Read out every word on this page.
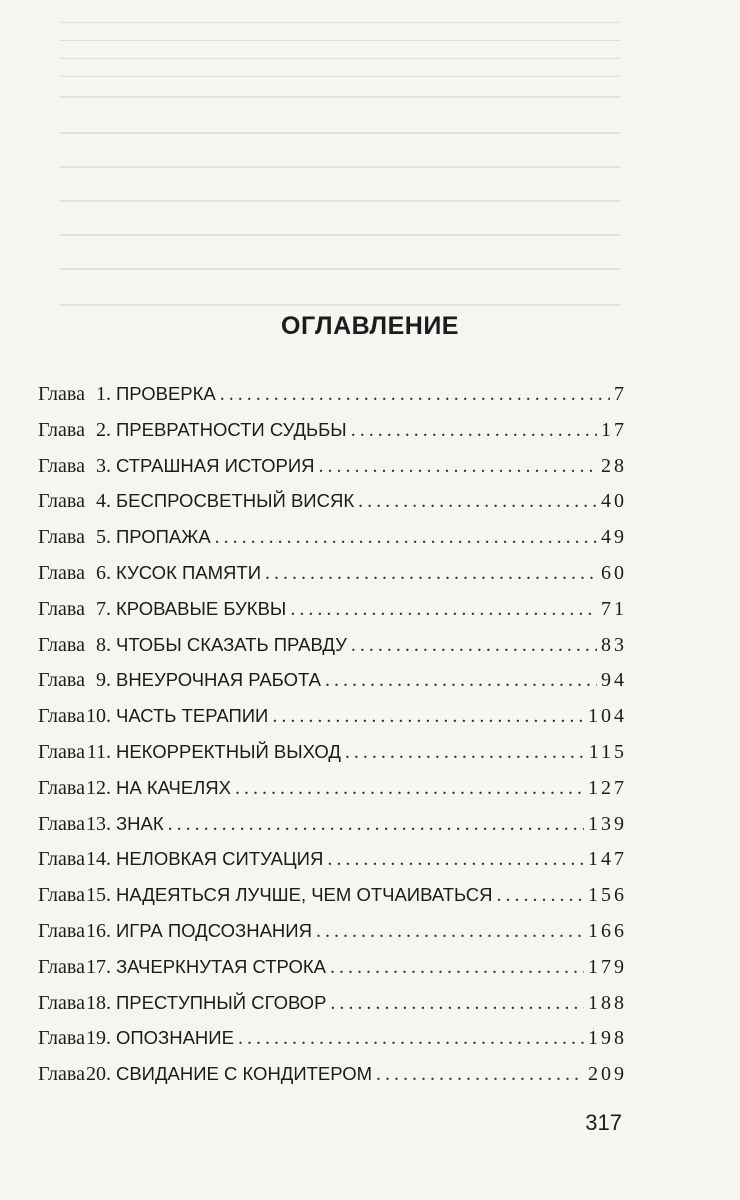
ОГЛАВЛЕНИЕ
Глава 1. ПРОВЕРКА .....	7
Глава 2. ПРЕВРАТНОСТИ СУДЬБЫ .....	17
Глава 3. СТРАШНАЯ ИСТОРИЯ .....	28
Глава 4. БЕСПРОСВЕТНЫЙ ВИСЯК .....	40
Глава 5. ПРОПАЖА .....	49
Глава 6. КУСОК ПАМЯТИ .....	60
Глава 7. КРОВАВЫЕ БУКВЫ .....	71
Глава 8. ЧТОБЫ СКАЗАТЬ ПРАВДУ .....	83
Глава 9. ВНЕУРОЧНАЯ РАБОТА .....	94
Глава 10. ЧАСТЬ ТЕРАПИИ .....	104
Глава 11. НЕКОРРЕКТНЫЙ ВЫХОД .....	115
Глава 12. НА КАЧЕЛЯХ .....	127
Глава 13. ЗНАК .....	139
Глава 14. НЕЛОВКАЯ СИТУАЦИЯ .....	147
Глава 15. НАДЕЯТЬСЯ ЛУЧШЕ, ЧЕМ ОТЧАИВАТЬСЯ .....	156
Глава 16. ИГРА ПОДСОЗНАНИЯ .....	166
Глава 17. ЗАЧЕРКНУТАЯ СТРОКА .....	179
Глава 18. ПРЕСТУПНЫЙ СГОВОР .....	188
Глава 19. ОПОЗНАНИЕ .....	198
Глава 20. СВИДАНИЕ С КОНДИТЕРОМ .....	209
317
